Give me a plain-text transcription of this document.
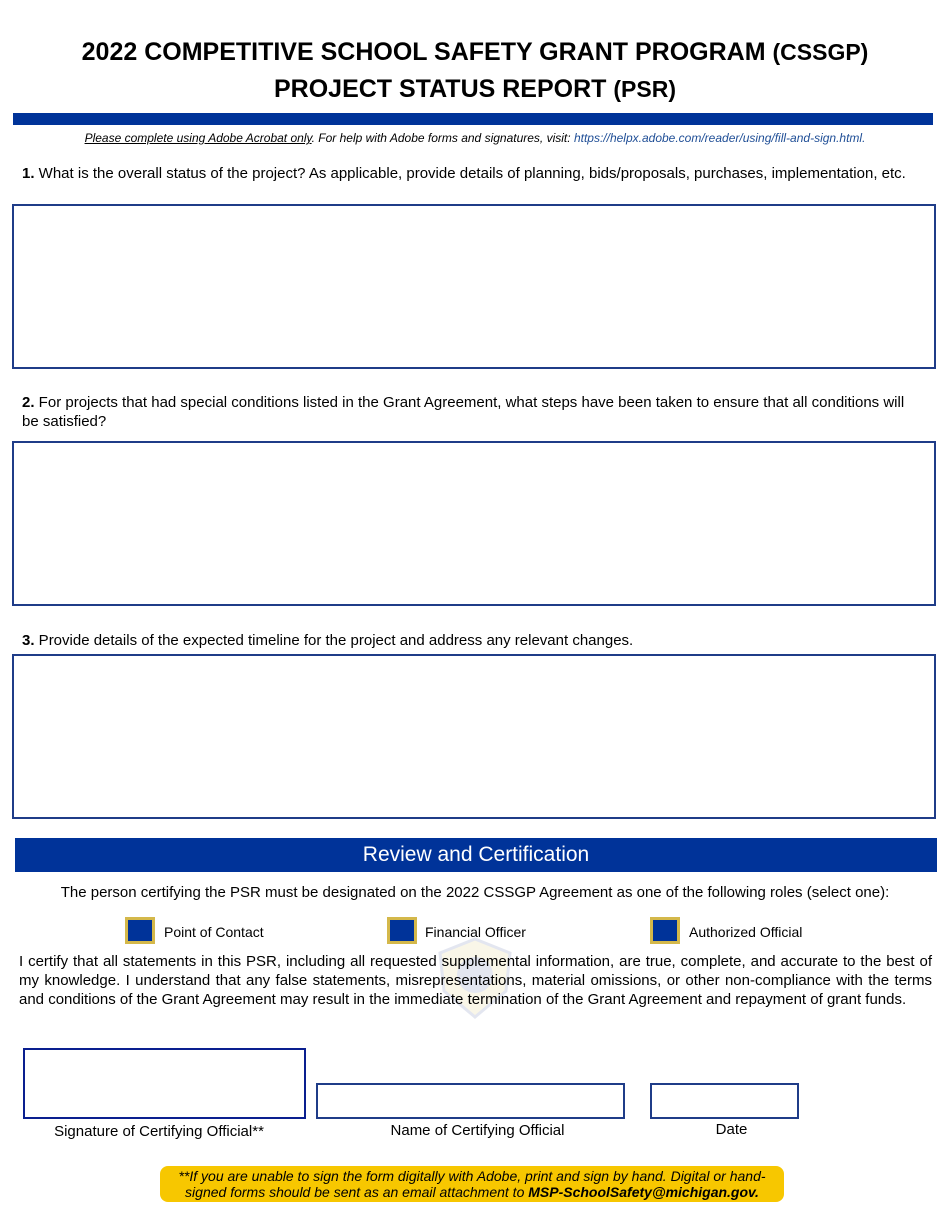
2022 COMPETITIVE SCHOOL SAFETY GRANT PROGRAM (CSSGP)
PROJECT STATUS REPORT (PSR)
Please complete using Adobe Acrobat only. For help with Adobe forms and signatures, visit: https://helpx.adobe.com/reader/using/fill-and-sign.html.
1. What is the overall status of the project? As applicable, provide details of planning, bids/proposals, purchases, implementation, etc.
2. For projects that had special conditions listed in the Grant Agreement, what steps have been taken to ensure that all conditions will be satisfied?
3. Provide details of the expected timeline for the project and address any relevant changes.
Review and Certification
The person certifying the PSR must be designated on the 2022 CSSGP Agreement as one of the following roles (select one):
Point of Contact	Financial Officer	Authorized Official
I certify that all statements in this PSR, including all requested supplemental information, are true, complete, and accurate to the best of my knowledge. I understand that any false statements, misrepresentations, material omissions, or other non-compliance with the terms and conditions of the Grant Agreement may result in the immediate termination of the Grant Agreement and repayment of grant funds.
Signature of Certifying Official**	Name of Certifying Official	Date
**If you are unable to sign the form digitally with Adobe, print and sign by hand. Digital or hand-signed forms should be sent as an email attachment to MSP-SchoolSafety@michigan.gov.
